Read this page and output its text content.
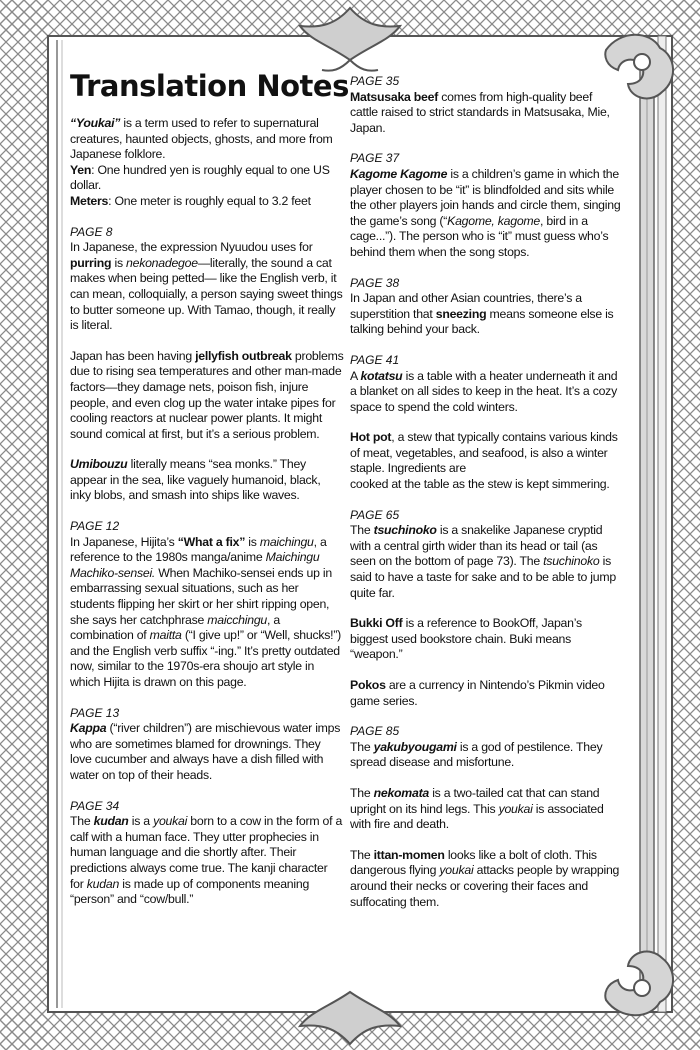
Translation Notes

“Youkai” is a term used to refer to supernatural creatures, haunted objects, ghosts, and more from Japanese folklore.

Yen: One hundred yen is roughly equal to one US dollar.

Meters: One meter is roughly equal to 3.2 feet

PAGE 8

In Japanese, the expression Nyuudou uses for purring is nekonadegoe—literally, the sound a cat makes when being petted— like the English verb, it can mean, colloquially, a person saying sweet things to butter someone up. With Tamao, though, it really is literal.

Japan has been having jellyfish outbreak problems due to rising sea temperatures and other man-made factors—they damage nets, poison fish, injure people, and even clog up the water intake pipes for cooling reactors at nuclear power plants. It might sound comical at first, but it’s a serious problem.

Umibouzu literally means “sea monks.” They appear in the sea, like vaguely humanoid, black, inky blobs, and smash into ships like waves.

PAGE 12

In Japanese, Hijita’s “What a fix” is maichingu, a reference to the 1980s manga/anime Maichingu Machiko-sensei. When Machiko-sensei ends up in embarrassing sexual situations, such as her students flipping her skirt or her shirt ripping open, she says her catchphrase maicchingu, a combination of maitta (“I give up!” or “Well, shucks!”) and the English verb suffix “-ing.” It’s pretty outdated now, similar to the 1970s-era shoujo art style in which Hijita is drawn on this page.

PAGE 13

Kappa (“river children”) are mischievous water imps who are sometimes blamed for drownings. They love cucumber and always have a dish filled with water on top of their heads.

PAGE 34

The kudan is a youkai born to a cow in the form of a calf with a human face. They utter prophecies in human language and die shortly after. Their predictions always come true. The kanji character for kudan is made up of components meaning “person” and “cow/bull.”

PAGE 35

Matsusaka beef comes from high-quality beef cattle raised to strict standards in Matsusaka, Mie, Japan.

PAGE 37

Kagome Kagome is a children’s game in which the player chosen to be “it” is blindfolded and sits while the other players join hands and circle them, singing the game’s song (“Kagome, kagome, bird in a cage...”). The person who is “it” must guess who’s behind them when the song stops.

PAGE 38

In Japan and other Asian countries, there’s a superstition that sneezing means someone else is talking behind your back.

PAGE 41

A kotatsu is a table with a heater underneath it and a blanket on all sides to keep in the heat. It’s a cozy space to spend the cold winters.

Hot pot, a stew that typically contains various kinds of meat, vegetables, and seafood, is also a winter staple. Ingredients are

cooked at the table as the stew is kept simmering.

PAGE 65

The tsuchinoko is a snakelike Japanese cryptid with a central girth wider than its head or tail (as seen on the bottom of page 73). The tsuchinoko is said to have a taste for sake and to be able to jump quite far.

Bukki Off is a reference to BookOff, Japan’s biggest used bookstore chain. Buki means “weapon.”

Pokos are a currency in Nintendo’s Pikmin video game series.

PAGE 85

The yakubyougami is a god of pestilence. They spread disease and misfortune.

The nekomata is a two-tailed cat that can stand upright on its hind legs. This youkai is associated with fire and death.

The ittan-momen looks like a bolt of cloth. This dangerous flying youkai attacks people by wrapping around their necks or covering their faces and suffocating them.
